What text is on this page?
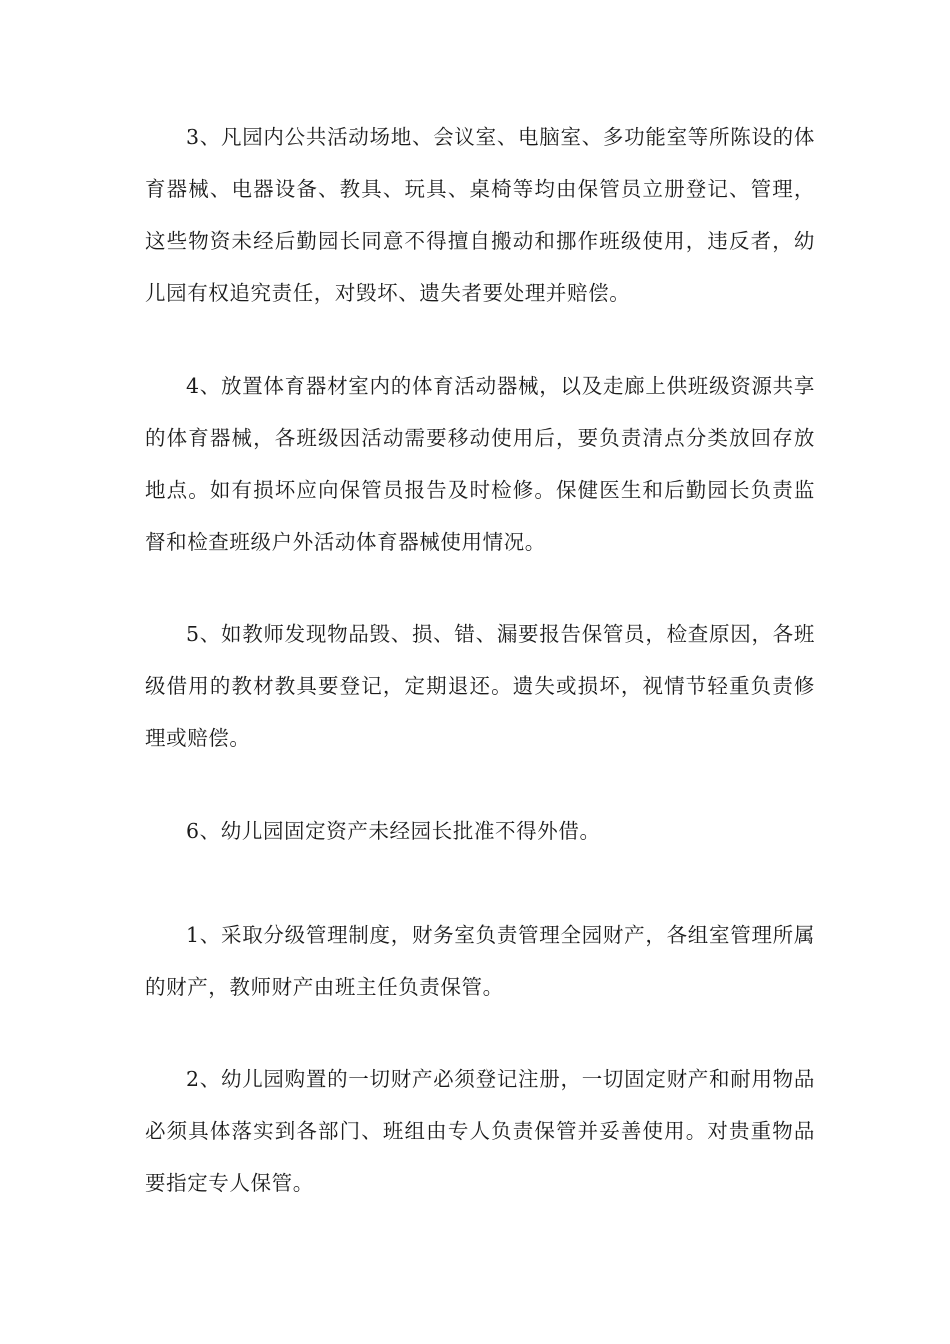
3、凡园内公共活动场地、会议室、电脑室、多功能室等所陈设的体育器械、电器设备、教具、玩具、桌椅等均由保管员立册登记、管理，这些物资未经后勤园长同意不得擅自搬动和挪作班级使用，违反者，幼儿园有权追究责任，对毁坏、遗失者要处理并赔偿。

4、放置体育器材室内的体育活动器械，以及走廊上供班级资源共享的体育器械，各班级因活动需要移动使用后，要负责清点分类放回存放地点。如有损坏应向保管员报告及时检修。保健医生和后勤园长负责监督和检查班级户外活动体育器械使用情况。

5、如教师发现物品毁、损、错、漏要报告保管员，检查原因，各班级借用的教材教具要登记，定期退还。遗失或损坏，视情节轻重负责修理或赔偿。

6、幼儿园固定资产未经园长批准不得外借。

1、采取分级管理制度，财务室负责管理全园财产，各组室管理所属的财产，教师财产由班主任负责保管。

2、幼儿园购置的一切财产必须登记注册，一切固定财产和耐用物品必须具体落实到各部门、班组由专人负责保管并妥善使用。对贵重物品要指定专人保管。
